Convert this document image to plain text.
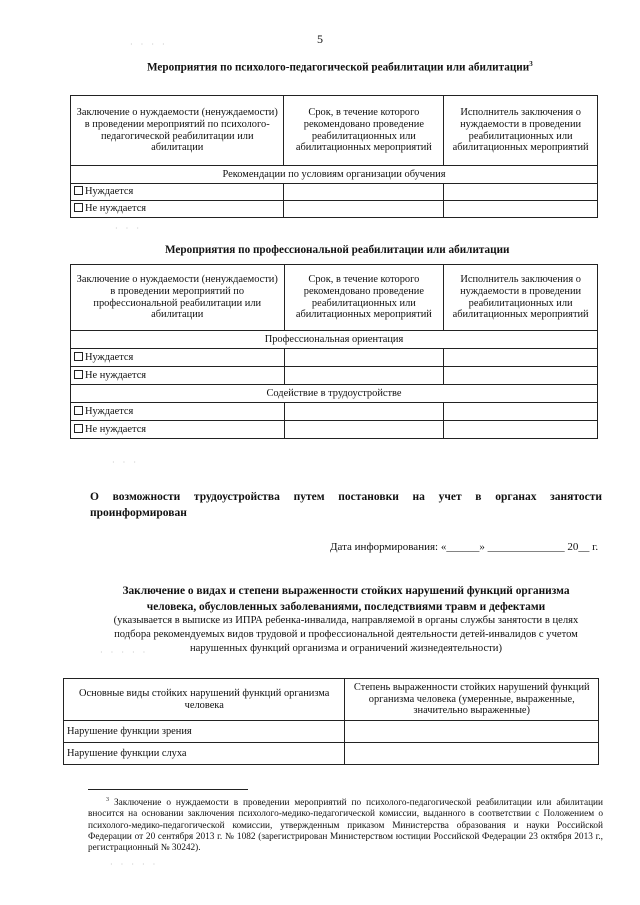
· · · ·
· · ·
· · ·
· · · · ·
· · · · ·
5
Мероприятия по психолого-педагогической реабилитации или абилитации$^3$
Заключение о нуждаемости (ненуждаемости) в проведении мероприятий по психолого-педагогической реабилитации или абилитации	Срок, в течение которого рекомендовано проведение реабилитационных или абилитационных мероприятий	Исполнитель заключения о нуждаемости в проведении реабилитационных или абилитационных мероприятий
Рекомендации по условиям организации обучения		
Нуждается		
Не нуждается		
Мероприятия по профессиональной реабилитации или абилитации
Заключение о нуждаемости (ненуждаемости) в проведении мероприятий по профессиональной реабилитации или абилитации	Срок, в течение которого рекомендовано проведение реабилитационных или абилитационных мероприятий	Исполнитель заключения о нуждаемости в проведении реабилитационных или абилитационных мероприятий
Профессиональная ориентация		
Нуждается		
Не нуждается		
Содействие в трудоустройстве		
Нуждается		
Не нуждается		
О возможности трудоустройства путем постановки на учет в органах занятости проинформирован
Дата информирования: «______» ______________ 20__ г.
Заключение о видах и степени выраженности стойких нарушений функций организма
человека, обусловленных заболеваниями, последствиями травм и дефектами
(указывается в выписке из ИПРА ребенка-инвалида, направляемой в органы службы занятости в целях подбора рекомендуемых видов трудовой и профессиональной деятельности детей-инвалидов с учетом нарушенных функций организма и ограничений жизнедеятельности)
Основные виды стойких нарушений функций организма человека	Степень выраженности стойких нарушений функций организма человека (умеренные, выраженные, значительно выраженные)
Нарушение функции зрения	
Нарушение функции слуха	
$^3$ Заключение о нуждаемости в проведении мероприятий по психолого-педагогической реабилитации или абилитации вносится на основании заключения психолого-медико-педагогической комиссии, выданного в соответствии с Положением о психолого-медико-педагогической комиссии, утвержденным приказом Министерства образования и науки Российской Федерации от 20 сентября 2013 г. № 1082 (зарегистрирован Министерством юстиции Российской Федерации 23 октября 2013 г., регистрационный № 30242).
